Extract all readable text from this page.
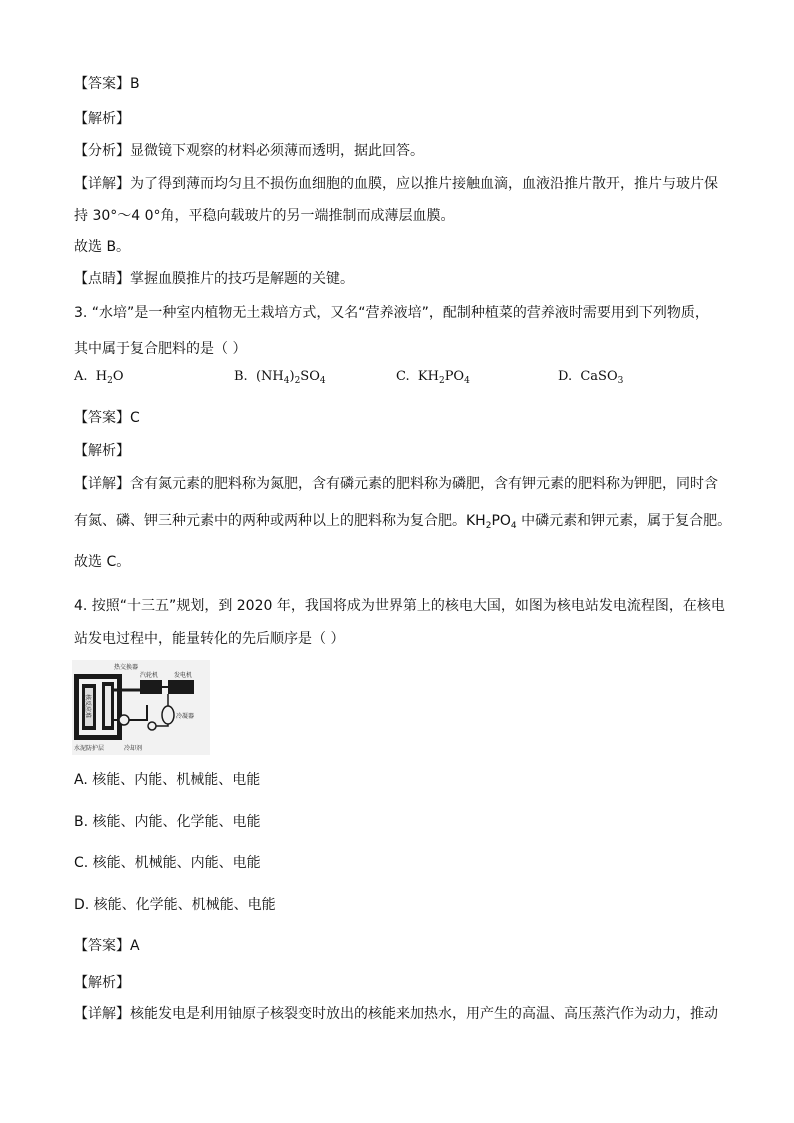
【答案】B
【解析】
【分析】显微镜下观察的材料必须薄而透明，据此回答。
【详解】为了得到薄而均匀且不损伤血细胞的血膜，应以推片接触血滴，血液沿推片散开，推片与玻片保
持 30°～4 0°角，平稳向载玻片的另一端推制而成薄层血膜。
故选 B。
【点睛】掌握血膜推片的技巧是解题的关键。
3. “水培”是一种室内植物无土栽培方式，又名“营养液培”，配制种植菜的营养液时需要用到下列物质，
其中属于复合肥料的是（ ）
A. $H_2O$	B. $(NH_4)_2SO_4$	C. $KH_2PO_4$	D. CaSO$_3$
【答案】C
【解析】
【详解】含有氮元素的肥料称为氮肥，含有磷元素的肥料称为磷肥，含有钾元素的肥料称为钾肥，同时含
有氮、磷、钾三种元素中的两种或两种以上的肥料称为复合肥。$KH_2PO_4$ 中磷元素和钾元素，属于复合肥。
故选 C。
4. 按照“十三五”规划，到 2020 年，我国将成为世界第上的核电大国，如图为核电站发电流程图，在核电
站发电过程中，能量转化的先后顺序是（ ）
核反应堆
热交换器
汽轮机	发电机
冷凝器
水泥防护层	冷却剂
A. 核能、内能、机械能、电能
B. 核能、内能、化学能、电能
C. 核能、机械能、内能、电能
D. 核能、化学能、机械能、电能
【答案】A
【解析】
【详解】核能发电是利用铀原子核裂变时放出的核能来加热水，用产生的高温、高压蒸汽作为动力，推动
